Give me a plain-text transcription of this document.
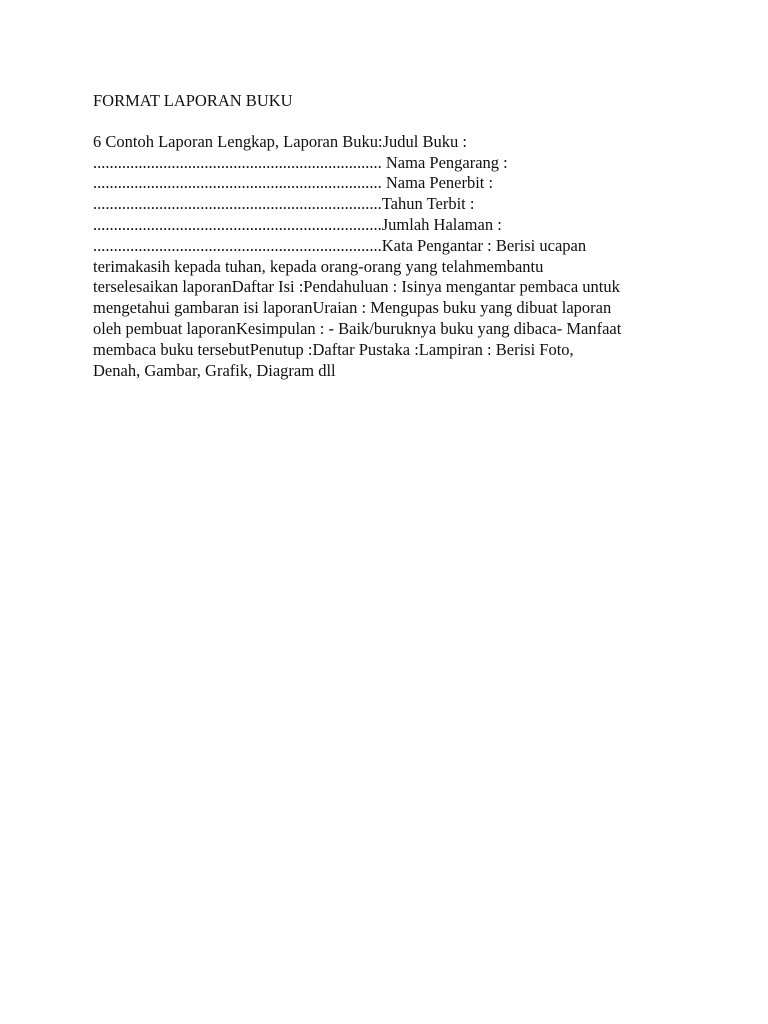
FORMAT LAPORAN BUKU

6 Contoh Laporan Lengkap, Laporan Buku:Judul Buku :

...................................................................... Nama Pengarang :

...................................................................... Nama Penerbit :

......................................................................Tahun Terbit :

......................................................................Jumlah Halaman :

......................................................................Kata Pengantar : Berisi ucapan

terimakasih kepada tuhan, kepada orang-orang yang telahmembantu

terselesaikan laporanDaftar Isi :Pendahuluan : Isinya mengantar pembaca untuk

mengetahui gambaran isi laporanUraian : Mengupas buku yang dibuat laporan

oleh pembuat laporanKesimpulan : - Baik/buruknya buku yang dibaca- Manfaat

membaca buku tersebutPenutup :Daftar Pustaka :Lampiran : Berisi Foto,

Denah, Gambar, Grafik, Diagram dll
